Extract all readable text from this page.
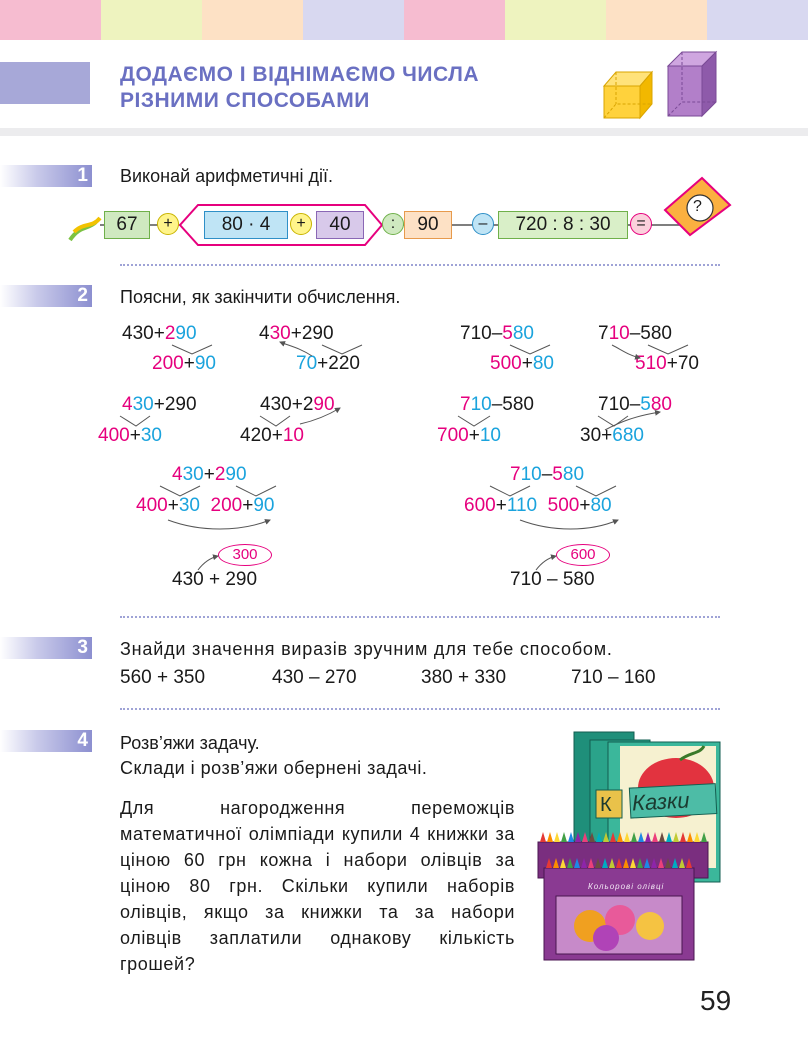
ДОДАЄМО І ВІДНІМАЄМО ЧИСЛА
РІЗНИМИ СПОСОБАМИ
1 Виконай арифметичні дії.
67	+	80 · 4	+	40	:	90	–	720 : 8 : 30	=
?
2 Поясни, як закінчити обчислення.
430+290
200+90
430+290
70+220
710–580
500+80
710–580
510+70
430+290
400+30
430+290
420+10
710–580
700+10
710–580
30+680
430+290
400+30 200+90
710–580
600+110 500+80
300
430 + 290
600
710 – 580
3 Знайди значення виразів зручним для тебе способом.
560 + 350	430 – 270	380 + 330	710 – 160
4 Розв’яжи задачу.
Склади і розв’яжи обернені задачі.
Для нагородження переможців математичної олімпіади купили 4 книжки за ціною 60 грн кожна і набори олівців за ціною 80 грн. Скільки купили наборів олівців, якщо за книжки та за набори олівців заплатили однакову кількість грошей?
Казки
К
Кольорові олівці
59
